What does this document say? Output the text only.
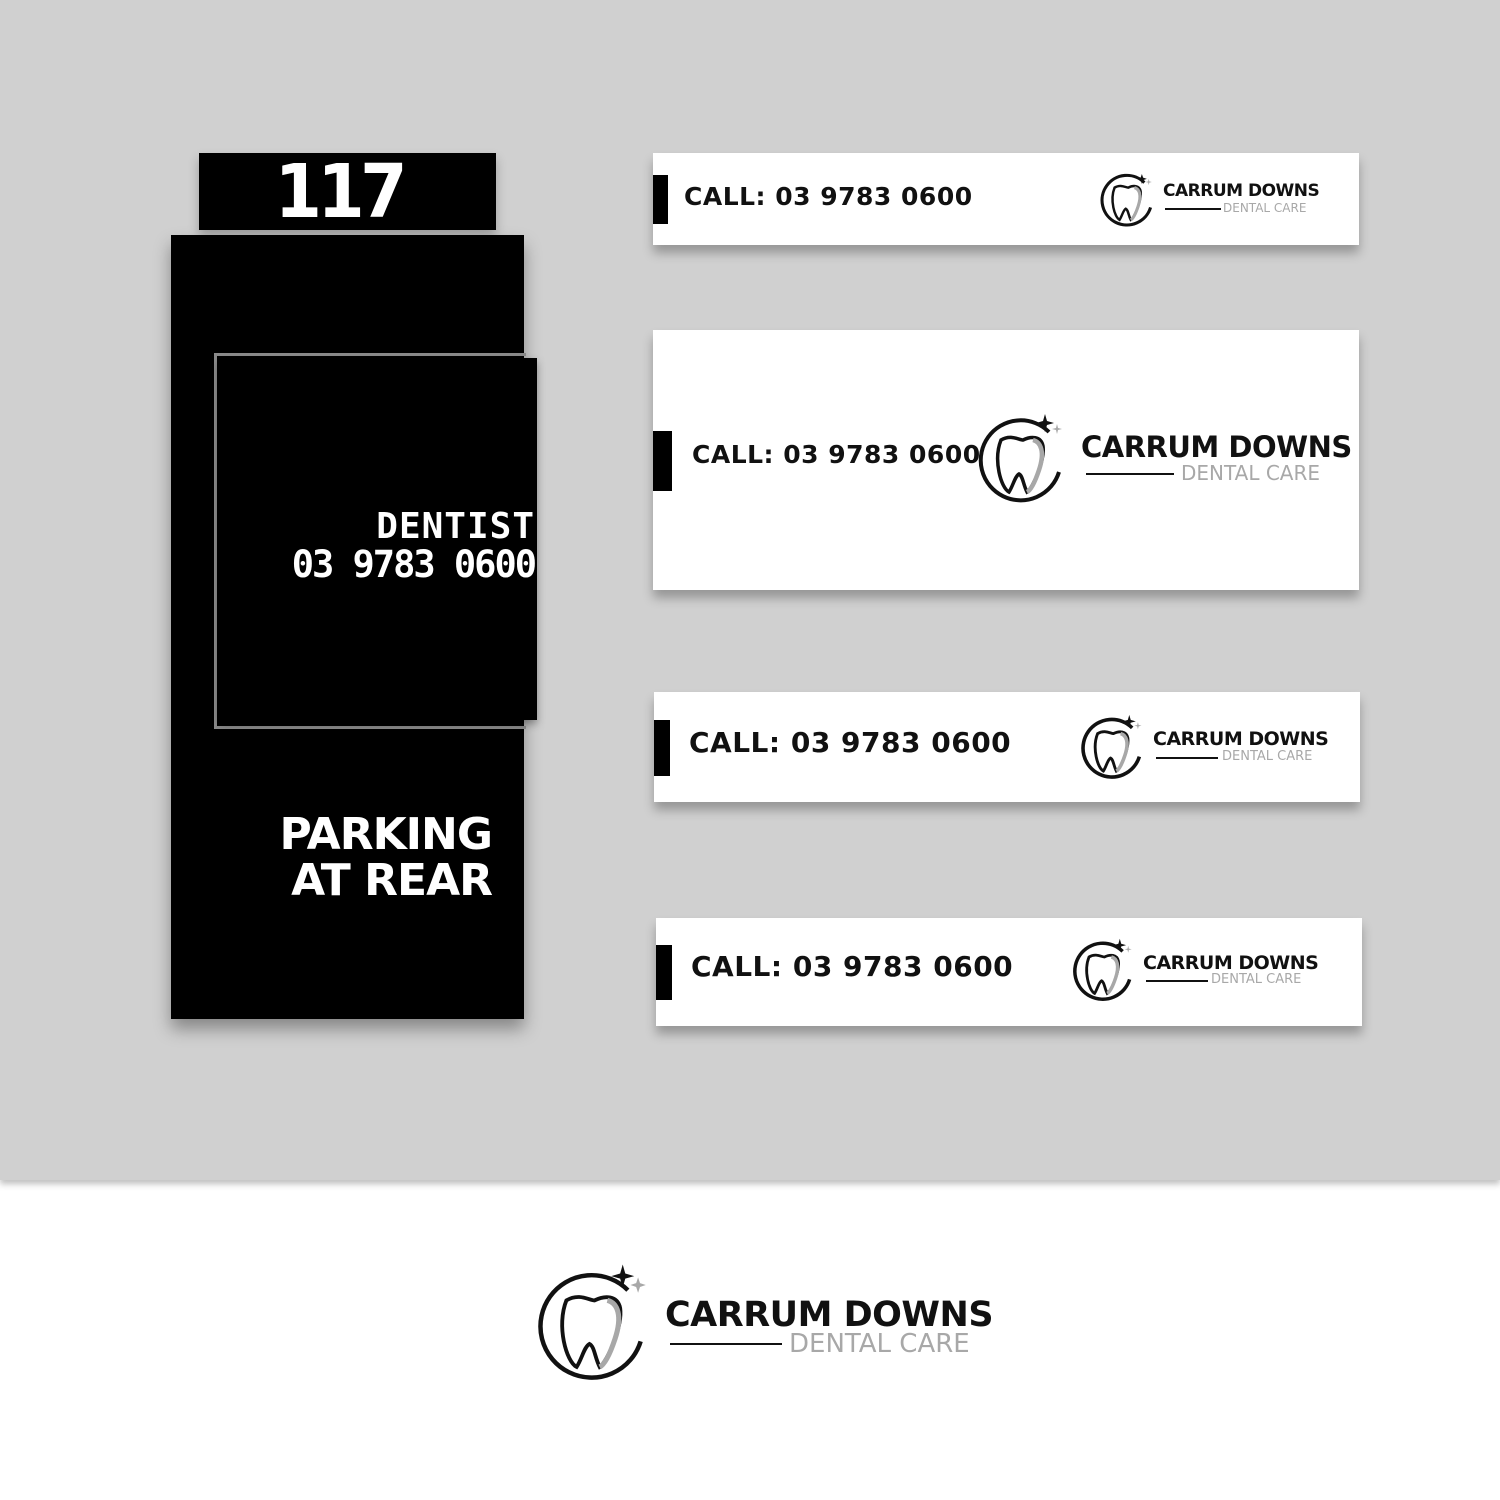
117
DENTIST
03 9783 0600
PARKING
AT REAR
CALL: 03 9783 0600	CARRUM DOWNS
DENTAL CARE
CALL: 03 9783 0600	CARRUM DOWNS
DENTAL CARE
CALL: 03 9783 0600	CARRUM DOWNS
DENTAL CARE
CALL: 03 9783 0600	CARRUM DOWNS
DENTAL CARE
CARRUM DOWNS
DENTAL CARE
